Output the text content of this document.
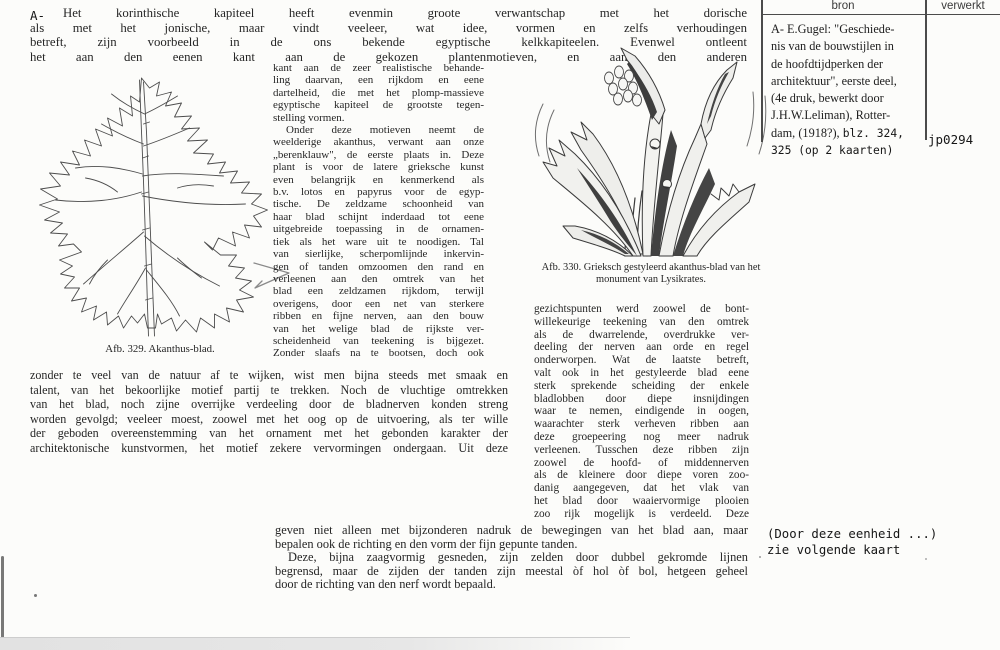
A-	Het korinthische kapiteel heeft evenmin groote verwantschap met het dorische
als met het jonische, maar vindt veeleer, wat idee, vormen en zelfs verhoudingen
betreft, zijn voorbeeld in de ons bekende egyptische kelkkapiteelen. Evenwel ontleent
het aan den eenen kant aan de gekozen plantenmotieven, en aan den anderen
Afb. 329. Akanthus-blad.
kant aan de zeer realistische behande-
ling daarvan, een rijkdom en eene
dartelheid, die met het plomp-massieve
egyptische kapiteel de grootste tegen-
stelling vormen.
Onder deze motieven neemt de
weelderige akanthus, verwant aan onze
„berenklauw", de eerste plaats in. Deze
plant is voor de latere grieksche kunst
even belangrijk en kenmerkend als
b.v. lotos en papyrus voor de egyp-
tische. De zeldzame schoonheid van
haar blad schijnt inderdaad tot eene
uitgebreide toepassing in de ornamen-
tiek als het ware uit te noodigen. Tal
van sierlijke, scherpomlijnde inkervin-
gen of tanden omzoomen den rand en
verleenen aan den omtrek van het
blad een zeldzamen rijkdom, terwijl
overigens, door een net van sterkere
ribben en fijne nerven, aan den bouw
van het welige blad de rijkste ver-
scheidenheid van teekening is bijgezet.
Zonder slaafs na te bootsen, doch ook
Afb. 330. Grieksch gestyleerd akanthus-blad van het
monument van Lysikrates.
gezichtspunten werd zoowel de bont-
willekeurige teekening van den omtrek
als de dwarrelende, overdrukke ver-
deeling der nerven aan orde en regel
onderworpen. Wat de laatste betreft,
valt ook in het gestyleerde blad eene
sterk sprekende scheiding der enkele
bladlobben door diepe insnijdingen
waar te nemen, eindigende in oogen,
waarachter sterk verheven ribben aan
deze groepeering nog meer nadruk
verleenen. Tusschen deze ribben zijn
zoowel de hoofd- of middennerven
als de kleinere door diepe voren zoo-
danig aangegeven, dat het vlak van
het blad door waaiervormige plooien
zoo rijk mogelijk is verdeeld. Deze
zonder te veel van de natuur af te wijken, wist men bijna steeds met smaak en
talent, van het bekoorlijke motief partij te trekken. Noch de vluchtige omtrekken
van het blad, noch zijne overrijke verdeeling door de bladnerven konden streng
worden gevolgd; veeleer moest, zoowel met het oog op de uitvoering, als ter wille
der geboden overeenstemming van het ornament met het gebonden karakter der
architektonische kunstvormen, het motief zekere vervormingen ondergaan. Uit deze
geven niet alleen met bijzonderen nadruk de bewegingen van het blad aan, maar
bepalen ook de richting en den vorm der fijn gepunte tanden.
Deze, bijna zaagvormig gesneden, zijn zelden door dubbel gekromde lijnen
begrensd, maar de zijden der tanden zijn meestal òf hol òf bol, hetgeen geheel
door de richting van den nerf wordt bepaald.
bron	verwerkt
A- E.Gugel: "Geschiede-
nis van de bouwstijlen in
de hoofdtijdperken der
architektuur", eerste deel,
(4e druk, bewerkt door
J.H.W.Leliman), Rotter-
dam, (1918?), blz. 324,
325 (op 2 kaarten)
jp0294
(Door deze eenheid ...)
zie volgende kaart
